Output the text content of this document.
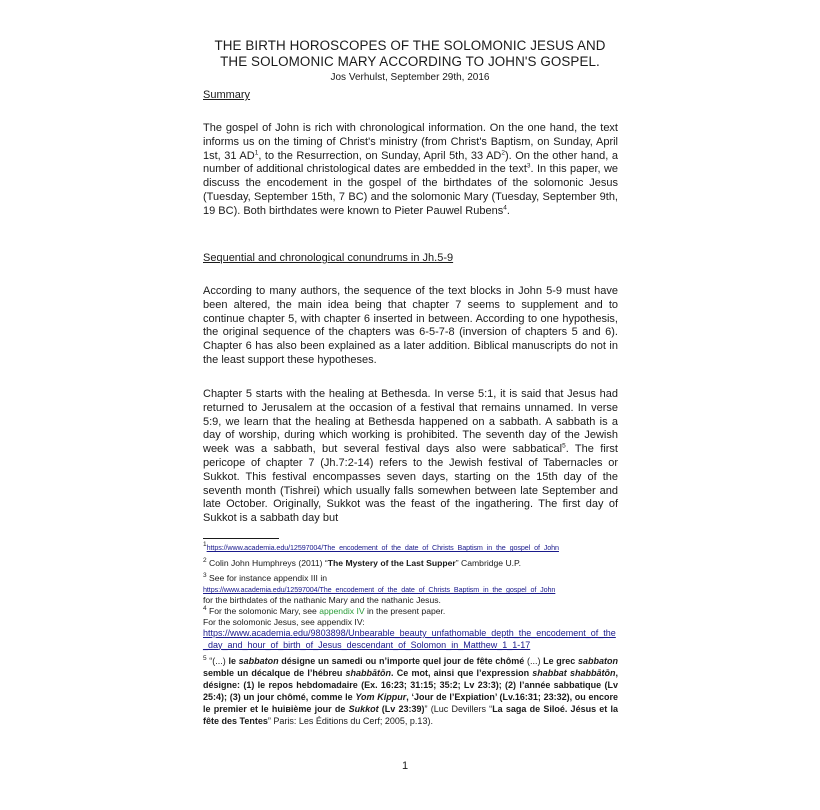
THE BIRTH HOROSCOPES OF THE SOLOMONIC JESUS AND
THE SOLOMONIC MARY ACCORDING TO JOHN'S GOSPEL.
Jos Verhulst, September 29th, 2016
Summary
The gospel of John is rich with chronological information. On the one hand, the text informs us on the timing of Christ's ministry (from Christ's Baptism, on Sunday, April 1st, 31 $AD^1$, to the Resurrection, on Sunday, April 5th, 33 $AD^2$). On the other hand, a number of additional christological dates are embedded in the text$^3$. In this paper, we discuss the encodement in the gospel of the birthdates of the solomonic Jesus (Tuesday, September 15th, 7 BC) and the solomonic Mary (Tuesday, September 9th, 19 BC). Both birthdates were known to Pieter Pauwel Rubens$^4$.
Sequential and chronological conundrums in Jh.5-9
According to many authors, the sequence of the text blocks in John 5-9 must have been altered, the main idea being that chapter 7 seems to supplement and to continue chapter 5, with chapter 6 inserted in between. According to one hypothesis, the original sequence of the chapters was 6-5-7-8 (inversion of chapters 5 and 6). Chapter 6 has also been explained as a later addition. Biblical manuscripts do not in the least support these hypotheses.
Chapter 5 starts with the healing at Bethesda. In verse 5:1, it is said that Jesus had returned to Jerusalem at the occasion of a festival that remains unnamed. In verse 5:9, we learn that the healing at Bethesda happened on a sabbath. A sabbath is a day of worship, during which working is prohibited. The seventh day of the Jewish week was a sabbath, but several festival days also were sabbatical$^5$. The first pericope of chapter 7 (Jh.7:2-14) refers to the Jewish festival of Tabernacles or Sukkot. This festival encompasses seven days, starting on the 15th day of the seventh month (Tishrei) which usually falls somewhen between late September and late October. Originally, Sukkot was the feast of the ingathering. The first day of Sukkot is a sabbath day but
$^1$https://www.academia.edu/12597004/The_encodement_of_the_date_of_Christs_Baptism_in_the_gospel_of_John
$^2$ Colin John Humphreys (2011) “The Mystery of the Last Supper” Cambridge U.P.
$^3$ See for instance appendix III in
https://www.academia.edu/12597004/The_encodement_of_the_date_of_Christs_Baptism_in_the_gospel_of_John
for the birthdates of the nathanic Mary and the nathanic Jesus.
$^4$ For the solomonic Mary, see appendix IV in the present paper.
For the solomonic Jesus, see appendix IV:
https://www.academia.edu/9803898/Unbearable_beauty_unfathomable_depth_the_encodement_of_the_day_and_hour_of_birth_of_Jesus_descendant_of_Solomon_in_Matthew_1_1-17
$^5$ “(...) le sabbaton désigne un samedi ou n’importe quel jour de fête chômé (...) Le grec sabbaton semble un décalque de l’hébreu shabbātōn. Ce mot, ainsi que l’expression shabbat shabbātōn, désigne: (1) le repos hebdomadaire (Ex. 16:23; 31:15; 35:2; Lv 23:3); (2) l’année sabbatique (Lv 25:4); (3) un jour chômé, comme le Yom Kippur, ‘Jour de l’Expiation’ (Lv.16:31; 23:32), ou encore le premier et le huiʙième jour de Sukkot (Lv 23:39)” (Luc Devillers “La saga de Siloé. Jésus et la fête des Tentes” Paris: Les Éditions du Cerf; 2005, p.13).
1
